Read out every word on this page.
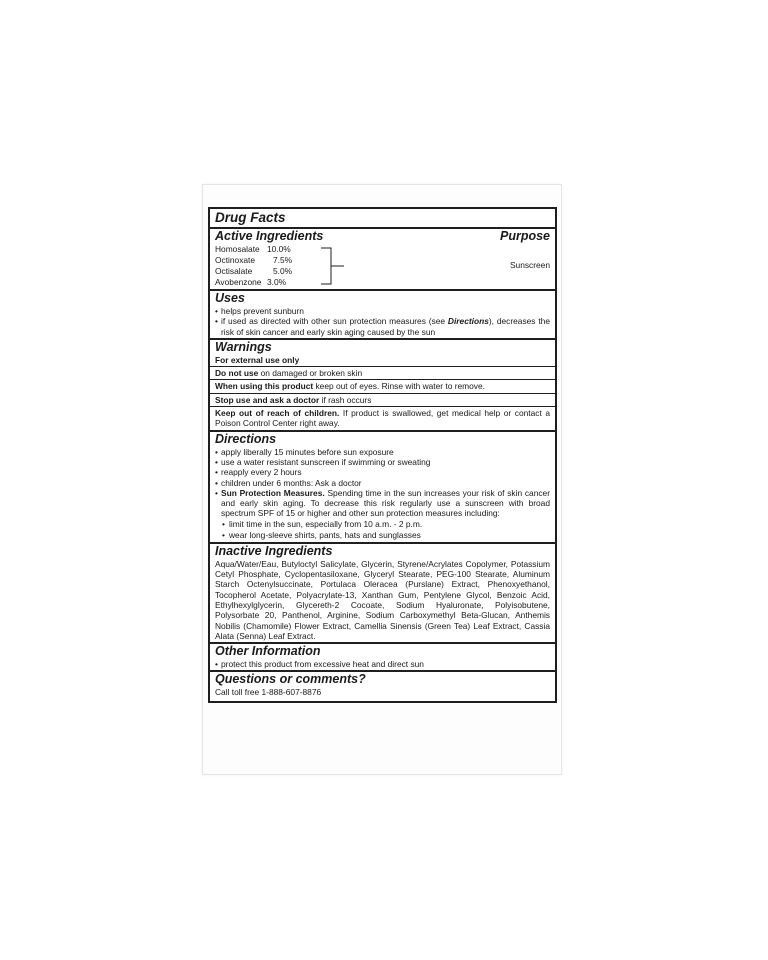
Drug Facts
Active Ingredients	Purpose
Homosalate 10.0%
Octinoxate 7.5%
Octisalate 5.0%
Avobenzone 3.0%
Sunscreen
Uses
• helps prevent sunburn
• if used as directed with other sun protection measures (see Directions), decreases the risk of skin cancer and early skin aging caused by the sun
Warnings
For external use only
Do not use on damaged or broken skin
When using this product keep out of eyes. Rinse with water to remove.
Stop use and ask a doctor if rash occurs
Keep out of reach of children. If product is swallowed, get medical help or contact a Poison Control Center right away.
Directions
• apply liberally 15 minutes before sun exposure
• use a water resistant sunscreen if swimming or sweating
• reapply every 2 hours
• children under 6 months: Ask a doctor
• Sun Protection Measures. Spending time in the sun increases your risk of skin cancer and early skin aging. To decrease this risk regularly use a sunscreen with broad spectrum SPF of 15 or higher and other sun protection measures including:
• limit time in the sun, especially from 10 a.m. - 2 p.m.
• wear long-sleeve shirts, pants, hats and sunglasses
Inactive Ingredients
Aqua/Water/Eau, Butyloctyl Salicylate, Glycerin, Styrene/Acrylates Copolymer, Potassium Cetyl Phosphate, Cyclopentasiloxane, Glyceryl Stearate, PEG-100 Stearate, Aluminum Starch Octenylsuccinate, Portulaca Oleracea (Purslane) Extract, Phenoxyethanol, Tocopherol Acetate, Polyacrylate-13, Xanthan Gum, Pentylene Glycol, Benzoic Acid, Ethylhexylglycerin, Glycereth-2 Cocoate, Sodium Hyaluronate, Polyisobutene, Polysorbate 20, Panthenol, Arginine, Sodium Carboxymethyl Beta-Glucan, Anthemis Nobilis (Chamomile) Flower Extract, Camellia Sinensis (Green Tea) Leaf Extract, Cassia Alata (Senna) Leaf Extract.
Other Information
• protect this product from excessive heat and direct sun
Questions or comments?
Call toll free 1-888-607-8876
